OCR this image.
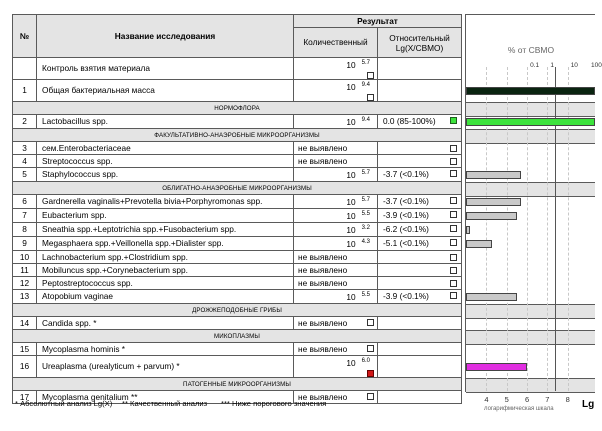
№	Название исследования	Результат	
		Количественный	Относительный
Lg(X/CBMO)
	Контроль взятия материала	10 $^{5.7}$

1	Общая бактериальная масса	10 $^{9.4}$

НОРМОФЛОРА			
2	Lactobacillus spp.	10 $^{9.4}$	0.0 (85-100%)

ФАКУЛЬТАТИВНО-АНАЭРОБНЫЕ МИКРООРГАНИЗМЫ			
3	сем.Enterobacteriaceae	не выявлено	

4	Streptococcus spp.	не выявлено	

5	Staphylococcus spp.	10 $^{5.7}$	-3.7 (<0.1%)

ОБЛИГАТНО-АНАЭРОБНЫЕ МИКРООРГАНИЗМЫ			
6	Gardnerella vaginalis+Prevotella bivia+Porphyromonas spp.	10 $^{5.7}$	-3.7 (<0.1%)

7	Eubacterium spp.	10 $^{5.5}$	-3.9 (<0.1%)

8	Sneathia spp.+Leptotrichia spp.+Fusobacterium spp.	10 $^{3.2}$	-6.2 (<0.1%)

9	Megasphaera spp.+Veillonella spp.+Dialister spp.	10 $^{4.3}$	-5.1 (<0.1%)

10	Lachnobacterium spp.+Clostridium spp.	не выявлено	

11	Mobiluncus spp.+Corynebacterium spp.	не выявлено	

12	Peptostreptococcus spp.	не выявлено	

13	Atopobium vaginae	10 $^{5.5}$	-3.9 (<0.1%)

ДРОЖЖЕПОДОБНЫЕ ГРИБЫ			
14	Candida spp. *	не выявлено

МИКОПЛАЗМЫ			
15	Mycoplasma hominis *	не выявлено

16	Ureaplasma (urealyticum + parvum) *	10 $^{6.0}$

ПАТОГЕННЫЕ МИКРООРГАНИЗМЫ			
17	Mycoplasma genitalium **	не выявлено

% от СВМО
0.1 1	10 100
4 5 6 7 8
логарифмическая шкала	Lg
* Абсолютный анализ Lg(X) ** Качественный анализ *** Ниже порогового значения
